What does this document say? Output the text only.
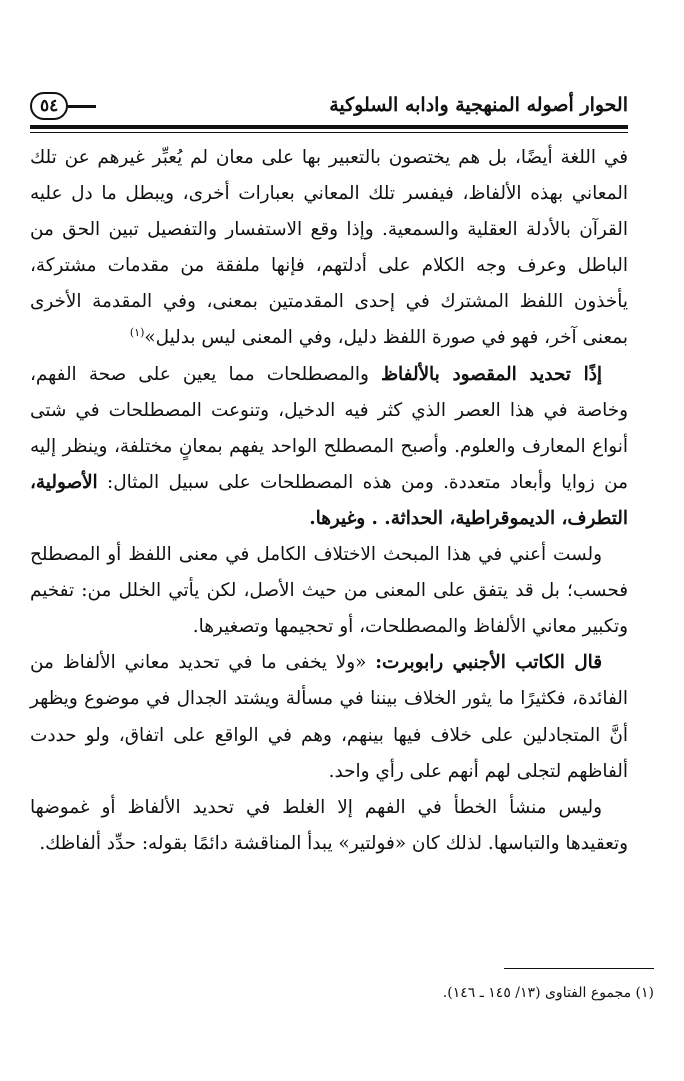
الحوار أصوله المنهجية وادابه السلوكية
٥٤

في اللغة أيضًا، بل هم يختصون بالتعبير بها على معان لم يُعبِّر غيرهم عن تلك المعاني بهذه الألفاظ، فيفسر تلك المعاني بعبارات أخرى، ويبطل ما دل عليه القرآن بالأدلة العقلية والسمعية. وإذا وقع الاستفسار والتفصيل تبين الحق من الباطل وعرف وجه الكلام على أدلتهم، فإنها ملفقة من مقدمات مشتركة، يأخذون اللفظ المشترك في إحدى المقدمتين بمعنى، وفي المقدمة الأخرى بمعنى آخر، فهو في صورة اللفظ دليل، وفي المعنى ليس بدليل»$^{(١)}$

إذًا تحديد المقصود بالألفاظ والمصطلحات مما يعين على صحة الفهم، وخاصة في هذا العصر الذي كثر فيه الدخيل، وتنوعت المصطلحات في شتى أنواع المعارف والعلوم. وأصبح المصطلح الواحد يفهم بمعانٍ مختلفة، وينظر إليه من زوايا وأبعاد متعددة. ومن هذه المصطلحات على سبيل المثال: الأصولية، التطرف، الديموقراطية، الحداثة. . وغيرها.

ولست أعني في هذا المبحث الاختلاف الكامل في معنى اللفظ أو المصطلح فحسب؛ بل قد يتفق على المعنى من حيث الأصل، لكن يأتي الخلل من: تفخيم وتكبير معاني الألفاظ والمصطلحات، أو تحجيمها وتصغيرها.

قال الكاتب الأجنبي رابوبرت: «ولا يخفى ما في تحديد معاني الألفاظ من الفائدة، فكثيرًا ما يثور الخلاف بيننا في مسألة ويشتد الجدال في موضوع ويظهر أنَّ المتجادلين على خلاف فيها بينهم، وهم في الواقع على اتفاق، ولو حددت ألفاظهم لتجلى لهم أنهم على رأي واحد.

وليس منشأ الخطأ في الفهم إلا الغلط في تحديد الألفاظ أو غموضها وتعقيدها والتباسها. لذلك كان «فولتير» يبدأ المناقشة دائمًا بقوله: حدِّد ألفاظك.

(١) مجموع الفتاوى (١٣/ ١٤٥ ـ ١٤٦).
